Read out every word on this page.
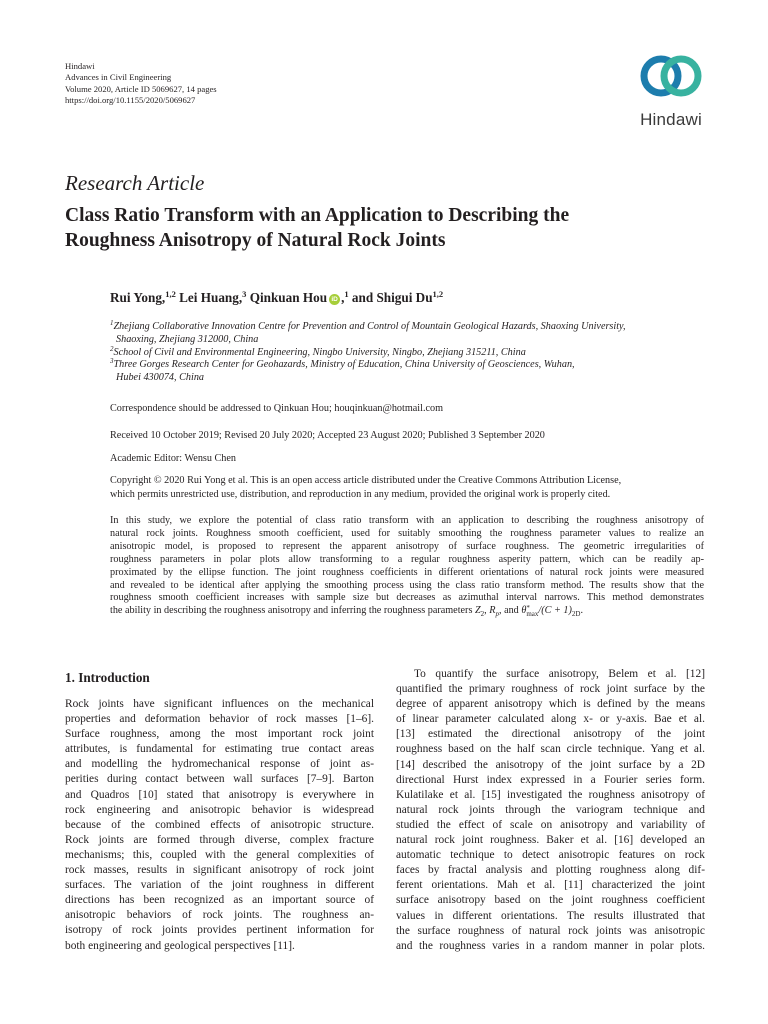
Hindawi
Advances in Civil Engineering
Volume 2020, Article ID 5069627, 14 pages
https://doi.org/10.1155/2020/5069627
Hindawi
Research Article
Class Ratio Transform with an Application to Describing the
Roughness Anisotropy of Natural Rock Joints
Rui Yong,$^{1,2}$ Lei Huang,$^3$ Qinkuan Hou iD ,$^1$ and Shigui Du$^{1,2}$
$^1$Zhejiang Collaborative Innovation Centre for Prevention and Control of Mountain Geological Hazards, Shaoxing University,
Shaoxing, Zhejiang 312000, China
$^2$School of Civil and Environmental Engineering, Ningbo University, Ningbo, Zhejiang 315211, China
$^3$Three Gorges Research Center for Geohazards, Ministry of Education, China University of Geosciences, Wuhan,
Hubei 430074, China
Correspondence should be addressed to Qinkuan Hou; houqinkuan@hotmail.com
Received 10 October 2019; Revised 20 July 2020; Accepted 23 August 2020; Published 3 September 2020
Academic Editor: Wensu Chen
Copyright © 2020 Rui Yong et al. This is an open access article distributed under the Creative Commons Attribution License,
which permits unrestricted use, distribution, and reproduction in any medium, provided the original work is properly cited.
In this study, we explore the potential of class ratio transform with an application to describing the roughness anisotropy of
natural rock joints. Roughness smooth coefficient, used for suitably smoothing the roughness parameter values to realize an
anisotropic model, is proposed to represent the apparent anisotropy of surface roughness. The geometric irregularities of
roughness parameters in polar plots allow transforming to a regular roughness asperity pattern, which can be readily ap-
proximated by the ellipse function. The joint roughness coefficients in different orientations of natural rock joints were measured
and revealed to be identical after applying the smoothing process using the class ratio transform method. The results show that the
roughness smooth coefficient increases with sample size but decreases as azimuthal interval narrows. This method demonstrates
the ability in describing the roughness anisotropy and inferring the roughness parameters $Z_2$, $R_p$, and θ *
$\max /(C + 1)_{2D}$.
1. Introduction
Rock joints have significant influences on the mechanical
properties and deformation behavior of rock masses [1–6].
Surface roughness, among the most important rock joint
attributes, is fundamental for estimating true contact areas
and modelling the hydromechanical response of joint as-
perities during contact between wall surfaces [7–9]. Barton
and Quadros [10] stated that anisotropy is everywhere in
rock engineering and anisotropic behavior is widespread
because of the combined effects of anisotropic structure.
Rock joints are formed through diverse, complex fracture
mechanisms; this, coupled with the general complexities of
rock masses, results in significant anisotropy of rock joint
surfaces. The variation of the joint roughness in different
directions has been recognized as an important source of
anisotropic behaviors of rock joints. The roughness an-
isotropy of rock joints provides pertinent information for
both engineering and geological perspectives [11].
To quantify the surface anisotropy, Belem et al. [12]
quantified the primary roughness of rock joint surface by the
degree of apparent anisotropy which is defined by the means
of linear parameter calculated along x- or y-axis. Bae et al.
[13] estimated the directional anisotropy of the joint
roughness based on the half scan circle technique. Yang et al.
[14] described the anisotropy of the joint surface by a 2D
directional Hurst index expressed in a Fourier series form.
Kulatilake et al. [15] investigated the roughness anisotropy of
natural rock joints through the variogram technique and
studied the effect of scale on anisotropy and variability of
natural rock joint roughness. Baker et al. [16] developed an
automatic technique to detect anisotropic features on rock
faces by fractal analysis and plotting roughness along dif-
ferent orientations. Mah et al. [11] characterized the joint
surface anisotropy based on the joint roughness coefficient
values in different orientations. The results illustrated that
the surface roughness of natural rock joints was anisotropic
and the roughness varies in a random manner in polar plots.
